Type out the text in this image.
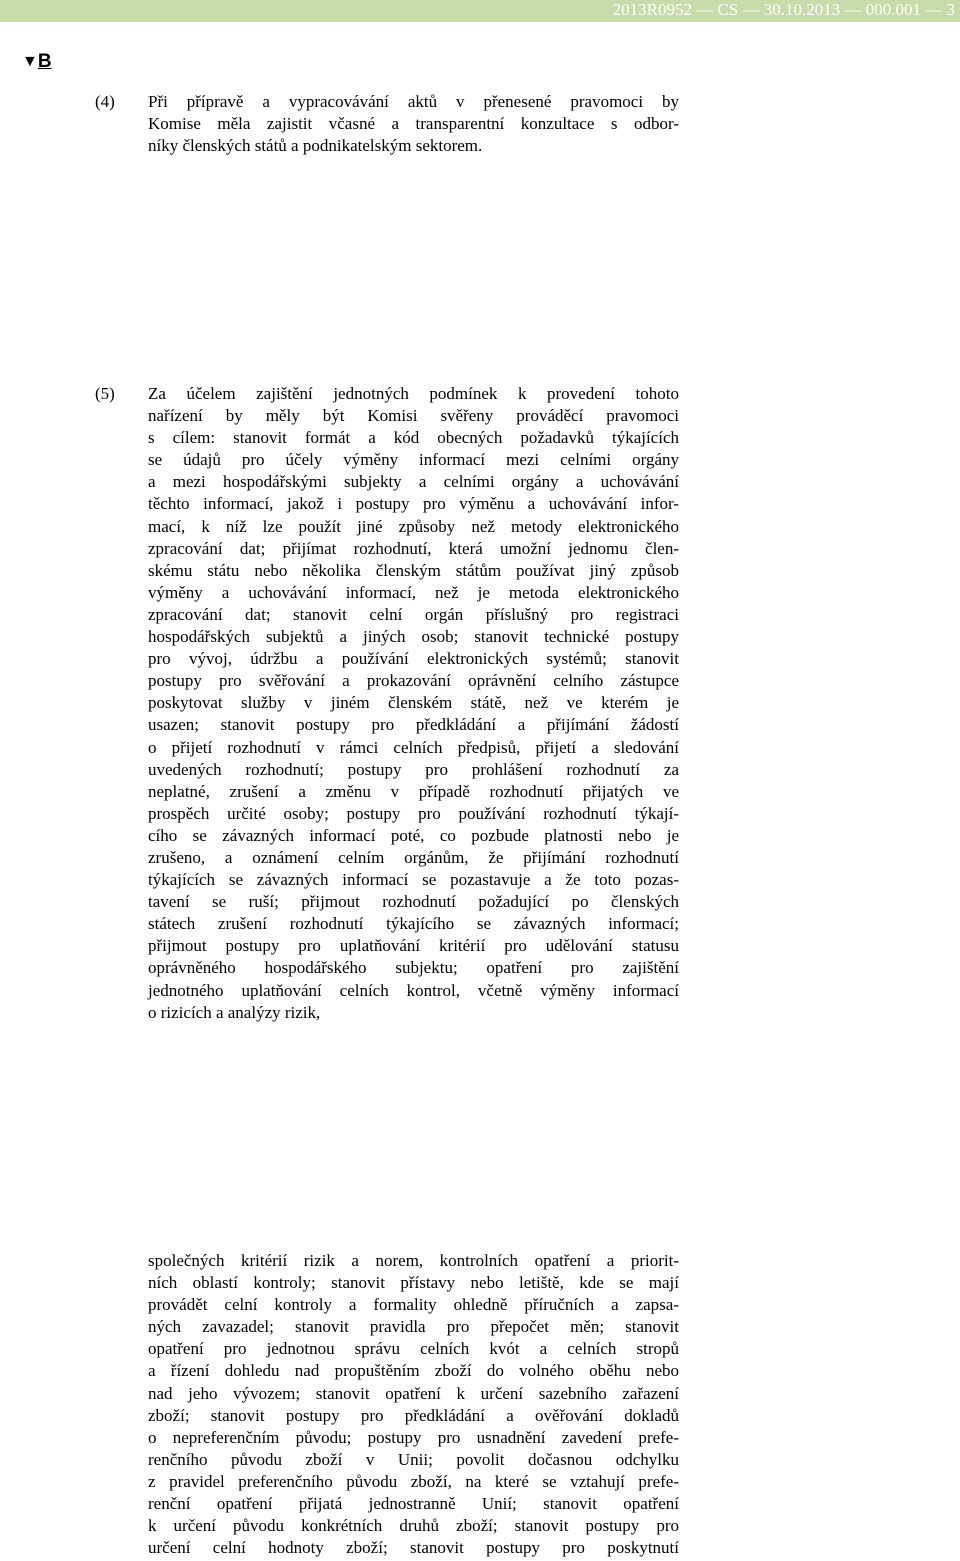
2013R0952 — CS — 30.10.2013 — 000.001 — 3
▼B
(4) Při přípravě a vypracovávání aktů v přenesené pravomoci by
Komise měla zajistit včasné a transparentní konzultace s odbor-
níky členských států a podnikatelským sektorem.
(5) Za účelem zajištění jednotných podmínek k provedení tohoto
nařízení by měly být Komisi svěřeny prováděcí pravomoci
s cílem: stanovit formát a kód obecných požadavků týkajících
se údajů pro účely výměny informací mezi celními orgány
a mezi hospodářskými subjekty a celními orgány a uchovávání
těchto informací, jakož i postupy pro výměnu a uchovávání infor-
mací, k níž lze použít jiné způsoby než metody elektronického
zpracování dat; přijímat rozhodnutí, která umožní jednomu člen-
skému státu nebo několika členským státům používat jiný způsob
výměny a uchovávání informací, než je metoda elektronického
zpracování dat; stanovit celní orgán příslušný pro registraci
hospodářských subjektů a jiných osob; stanovit technické postupy
pro vývoj, údržbu a používání elektronických systémů; stanovit
postupy pro svěřování a prokazování oprávnění celního zástupce
poskytovat služby v jiném členském státě, než ve kterém je
usazen; stanovit postupy pro předkládání a přijímání žádostí
o přijetí rozhodnutí v rámci celních předpisů, přijetí a sledování
uvedených rozhodnutí; postupy pro prohlášení rozhodnutí za
neplatné, zrušení a změnu v případě rozhodnutí přijatých ve
prospěch určité osoby; postupy pro používání rozhodnutí týkají-
cího se závazných informací poté, co pozbude platnosti nebo je
zrušeno, a oznámení celním orgánům, že přijímání rozhodnutí
týkajících se závazných informací se pozastavuje a že toto pozas-
tavení se ruší; přijmout rozhodnutí požadující po členských
státech zrušení rozhodnutí týkajícího se závazných informací;
přijmout postupy pro uplatňování kritérií pro udělování statusu
oprávněného hospodářského subjektu; opatření pro zajištění
jednotného uplatňování celních kontrol, včetně výměny informací
o rizicích a analýzy rizik,
společných kritérií rizik a norem, kontrolních opatření a priorit-
ních oblastí kontroly; stanovit přístavy nebo letiště, kde se mají
provádět celní kontroly a formality ohledně příručních a zapsa-
ných zavazadel; stanovit pravidla pro přepočet měn; stanovit
opatření pro jednotnou správu celních kvót a celních stropů
a řízení dohledu nad propuštěním zboží do volného oběhu nebo
nad jeho vývozem; stanovit opatření k určení sazebního zařazení
zboží; stanovit postupy pro předkládání a ověřování dokladů
o nepreferenčním původu; postupy pro usnadnění zavedení prefe-
renčního původu zboží v Unii; povolit dočasnou odchylku
z pravidel preferenčního původu zboží, na které se vztahují prefe-
renční opatření přijatá jednostranně Unií; stanovit opatření
k určení původu konkrétních druhů zboží; stanovit postupy pro
určení celní hodnoty zboží; stanovit postupy pro poskytnutí
